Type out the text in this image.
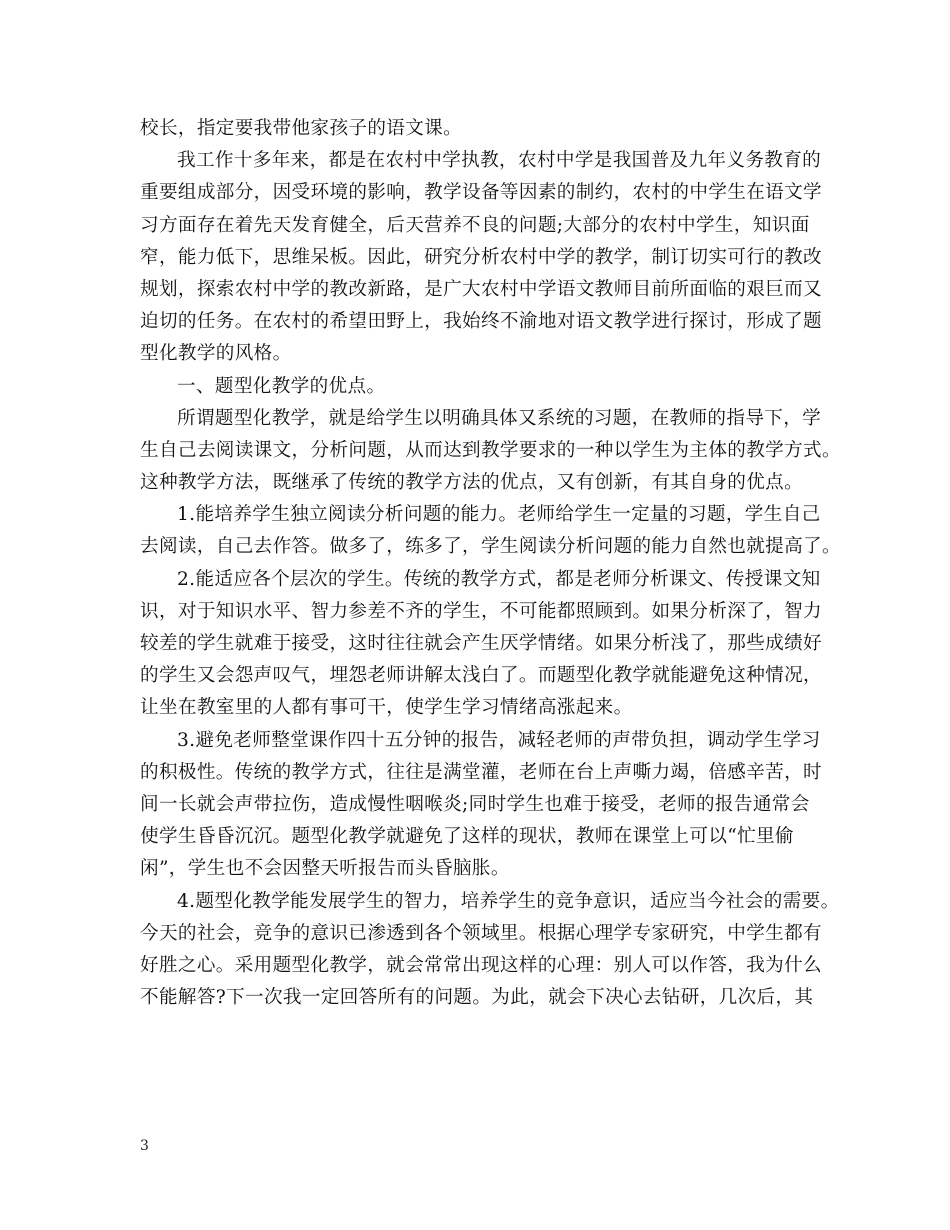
校长，指定要我带他家孩子的语文课。
我工作十多年来，都是在农村中学执教，农村中学是我国普及九年义务教育的
重要组成部分，因受环境的影响，教学设备等因素的制约，农村的中学生在语文学
习方面存在着先天发育健全，后天营养不良的问题;大部分的农村中学生，知识面
窄，能力低下，思维呆板。因此，研究分析农村中学的教学，制订切实可行的教改
规划，探索农村中学的教改新路，是广大农村中学语文教师目前所面临的艰巨而又
迫切的任务。在农村的希望田野上，我始终不渝地对语文教学进行探讨，形成了题
型化教学的风格。
一、题型化教学的优点。
所谓题型化教学，就是给学生以明确具体又系统的习题，在教师的指导下，学
生自己去阅读课文，分析问题，从而达到教学要求的一种以学生为主体的教学方式。
这种教学方法，既继承了传统的教学方法的优点，又有创新，有其自身的优点。
1.能培养学生独立阅读分析问题的能力。老师给学生一定量的习题，学生自己
去阅读，自己去作答。做多了，练多了，学生阅读分析问题的能力自然也就提高了。
2.能适应各个层次的学生。传统的教学方式，都是老师分析课文、传授课文知
识，对于知识水平、智力参差不齐的学生，不可能都照顾到。如果分析深了，智力
较差的学生就难于接受，这时往往就会产生厌学情绪。如果分析浅了，那些成绩好
的学生又会怨声叹气，埋怨老师讲解太浅白了。而题型化教学就能避免这种情况，
让坐在教室里的人都有事可干，使学生学习情绪高涨起来。
3.避免老师整堂课作四十五分钟的报告，减轻老师的声带负担，调动学生学习
的积极性。传统的教学方式，往往是满堂灌，老师在台上声嘶力竭，倍感辛苦，时
间一长就会声带拉伤，造成慢性咽喉炎;同时学生也难于接受，老师的报告通常会
使学生昏昏沉沉。题型化教学就避免了这样的现状，教师在课堂上可以“忙里偷
闲”，学生也不会因整天听报告而头昏脑胀。
4.题型化教学能发展学生的智力，培养学生的竞争意识，适应当今社会的需要。
今天的社会，竞争的意识已渗透到各个领域里。根据心理学专家研究，中学生都有
好胜之心。采用题型化教学，就会常常出现这样的心理：别人可以作答，我为什么
不能解答?下一次我一定回答所有的问题。为此，就会下决心去钻研，几次后，其
3
